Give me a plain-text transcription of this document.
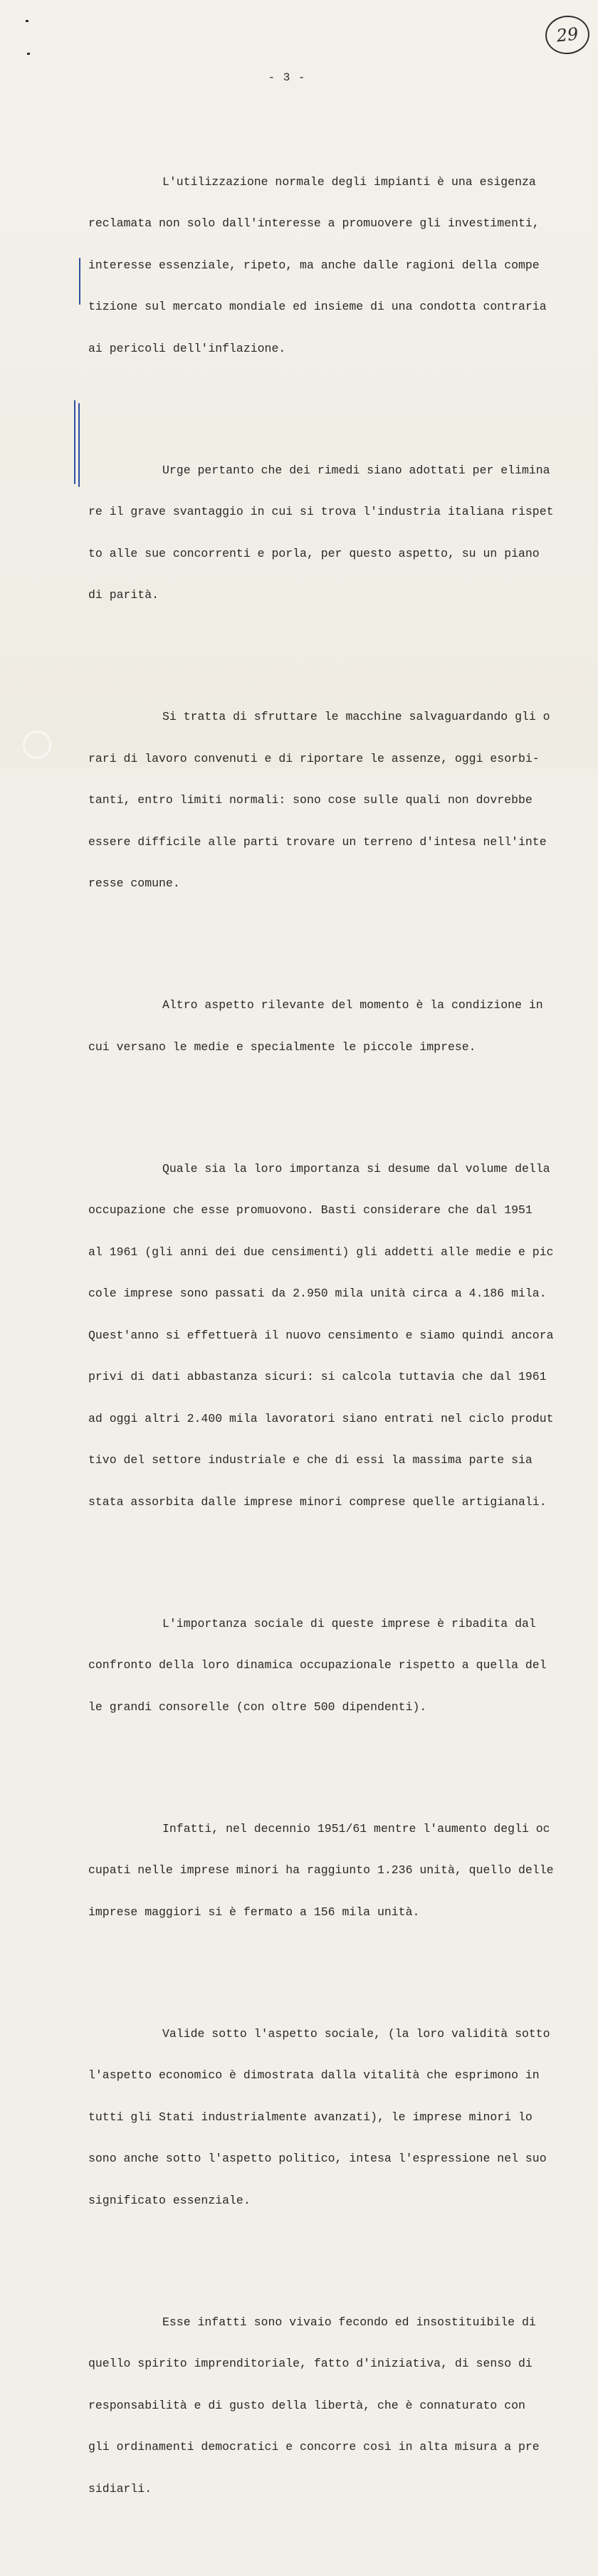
29
- 3 -

L'utilizzazione normale degli impianti è una esigenza

reclamata non solo dall'interesse a promuovere gli investimenti,

interesse essenziale, ripeto, ma anche dalle ragioni della compe

tizione sul mercato mondiale ed insieme di una condotta contraria

ai pericoli dell'inflazione.

Urge pertanto che dei rimedi siano adottati per elimina

re il grave svantaggio in cui si trova l'industria italiana rispet

to alle sue concorrenti e porla, per questo aspetto, su un piano

di parità.

Si tratta di sfruttare le macchine salvaguardando gli o

rari di lavoro convenuti e di riportare le assenze, oggi esorbi-

tanti, entro limiti normali: sono cose sulle quali non dovrebbe

essere difficile alle parti trovare un terreno d'intesa nell'inte

resse comune.

Altro aspetto rilevante del momento è la condizione in

cui versano le medie e specialmente le piccole imprese.

Quale sia la loro importanza si desume dal volume della

occupazione che esse promuovono. Basti considerare che dal 1951

al 1961 (gli anni dei due censimenti) gli addetti alle medie e pic

cole imprese sono passati da 2.950 mila unità circa a 4.186 mila.

Quest'anno si effettuerà il nuovo censimento e siamo quindi ancora

privi di dati abbastanza sicuri: si calcola tuttavia che dal 1961

ad oggi altri 2.400 mila lavoratori siano entrati nel ciclo produt

tivo del settore industriale e che di essi la massima parte sia

stata assorbita dalle imprese minori comprese quelle artigianali.

L'importanza sociale di queste imprese è ribadita dal

confronto della loro dinamica occupazionale rispetto a quella del

le grandi consorelle (con oltre 500 dipendenti).

Infatti, nel decennio 1951/61 mentre l'aumento degli oc

cupati nelle imprese minori ha raggiunto 1.236 unità, quello delle

imprese maggiori si è fermato a 156 mila unità.

Valide sotto l'aspetto sociale, (la loro validità sotto

l'aspetto economico è dimostrata dalla vitalità che esprimono in

tutti gli Stati industrialmente avanzati), le imprese minori lo

sono anche sotto l'aspetto politico, intesa l'espressione nel suo

significato essenziale.

Esse infatti sono vivaio fecondo ed insostituibile di

quello spirito imprenditoriale, fatto d'iniziativa, di senso di

responsabilità e di gusto della libertà, che è connaturato con

gli ordinamenti democratici e concorre così in alta misura a pre

sidiarli.
